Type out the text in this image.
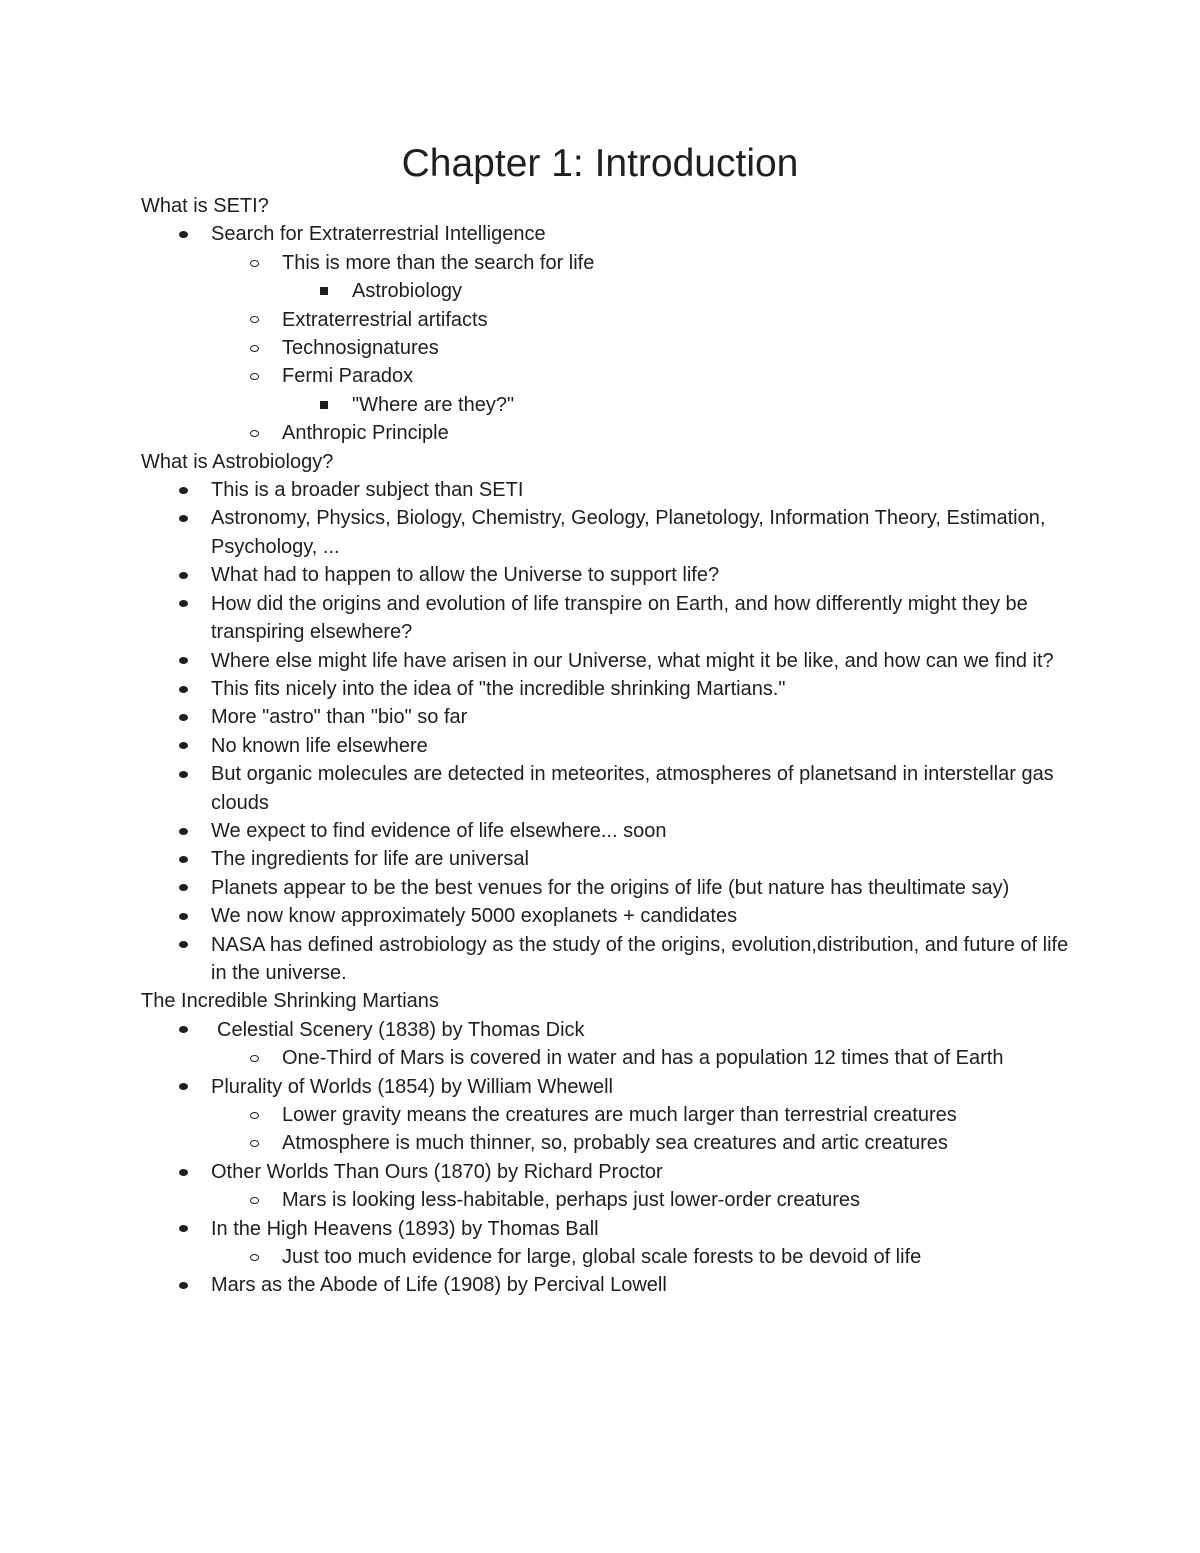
Chapter 1: Introduction
What is SETI?
Search for Extraterrestrial Intelligence
This is more than the search for life
Astrobiology
Extraterrestrial artifacts
Technosignatures
Fermi Paradox
"Where are they?"
Anthropic Principle
What is Astrobiology?
This is a broader subject than SETI
Astronomy, Physics, Biology, Chemistry, Geology, Planetology, Information Theory, Estimation, Psychology, ...
What had to happen to allow the Universe to support life?
How did the origins and evolution of life transpire on Earth, and how differently might they be transpiring elsewhere?
Where else might life have arisen in our Universe, what might it be like, and how can we find it?
This fits nicely into the idea of "the incredible shrinking Martians."
More "astro" than "bio" so far
No known life elsewhere
But organic molecules are detected in meteorites, atmospheres of planetsand in interstellar gas clouds
We expect to find evidence of life elsewhere... soon
The ingredients for life are universal
Planets appear to be the best venues for the origins of life (but nature has theultimate say)
We now know approximately 5000 exoplanets + candidates
NASA has defined astrobiology as the study of the origins, evolution,distribution, and future of life in the universe.
The Incredible Shrinking Martians
Celestial Scenery (1838) by Thomas Dick
One-Third of Mars is covered in water and has a population 12 times that of Earth
Plurality of Worlds (1854) by William Whewell
Lower gravity means the creatures are much larger than terrestrial creatures
Atmosphere is much thinner, so, probably sea creatures and artic creatures
Other Worlds Than Ours (1870) by Richard Proctor
Mars is looking less-habitable, perhaps just lower-order creatures
In the High Heavens (1893) by Thomas Ball
Just too much evidence for large, global scale forests to be devoid of life
Mars as the Abode of Life (1908) by Percival Lowell
